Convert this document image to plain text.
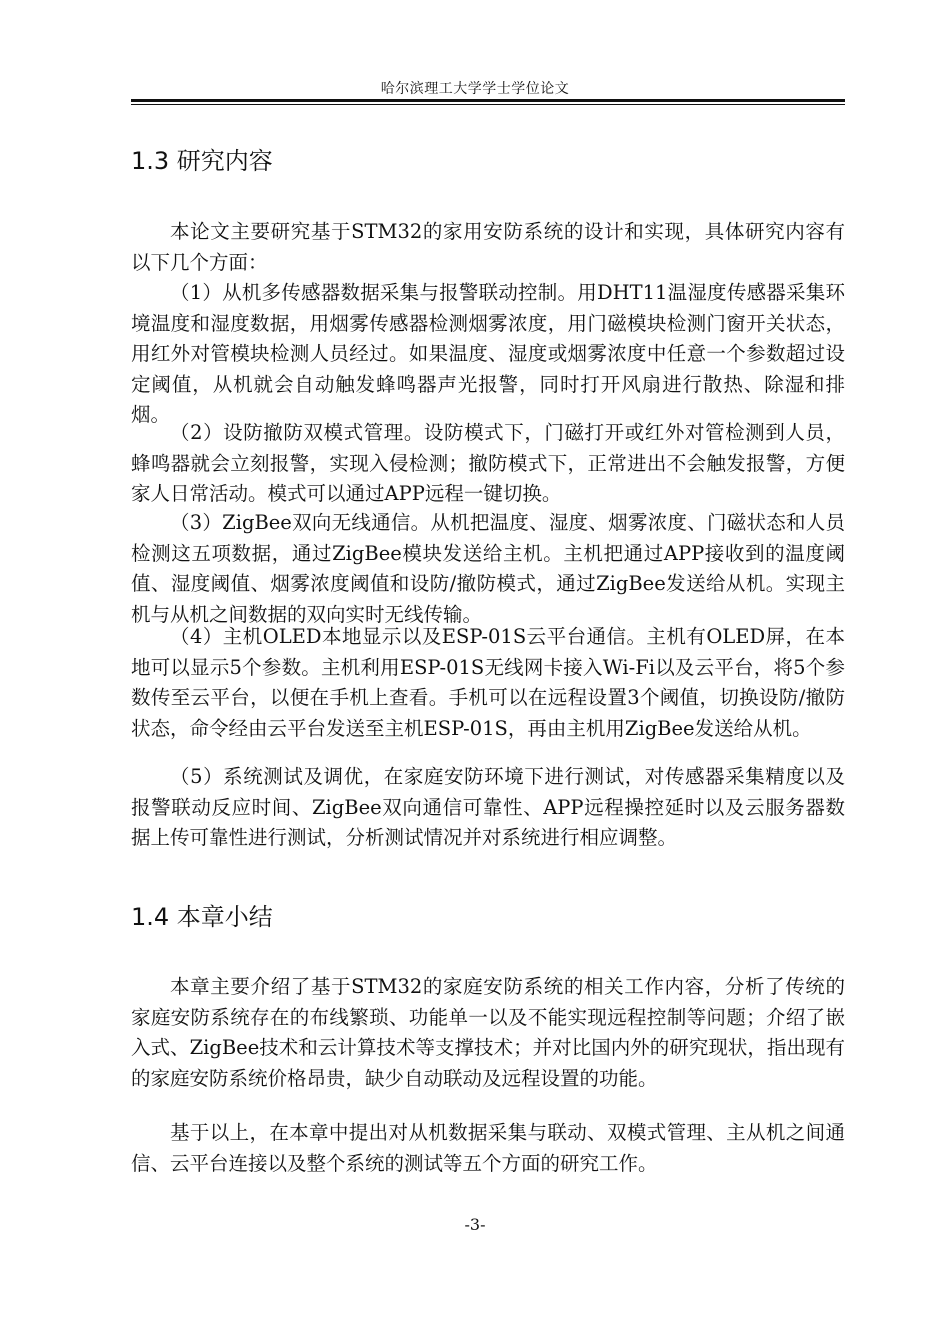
哈尔滨理工大学学士学位论文
1.3 研究内容

本论文主要研究基于STM32的家用安防系统的设计和实现，具体研究内容有以下几个方面：

（1）从机多传感器数据采集与报警联动控制。用DHT11温湿度传感器采集环境温度和湿度数据，用烟雾传感器检测烟雾浓度，用门磁模块检测门窗开关状态，用红外对管模块检测人员经过。如果温度、湿度或烟雾浓度中任意一个参数超过设定阈值，从机就会自动触发蜂鸣器声光报警，同时打开风扇进行散热、除湿和排烟。

（2）设防撤防双模式管理。设防模式下，门磁打开或红外对管检测到人员，蜂鸣器就会立刻报警，实现入侵检测；撤防模式下，正常进出不会触发报警，方便家人日常活动。模式可以通过APP远程一键切换。

（3）ZigBee双向无线通信。从机把温度、湿度、烟雾浓度、门磁状态和人员检测这五项数据，通过ZigBee模块发送给主机。主机把通过APP接收到的温度阈值、湿度阈值、烟雾浓度阈值和设防/撤防模式，通过ZigBee发送给从机。实现主机与从机之间数据的双向实时无线传输。

（4）主机OLED本地显示以及ESP-01S云平台通信。主机有OLED屏，在本地可以显示5个参数。主机利用ESP-01S无线网卡接入Wi-Fi以及云平台，将5个参数传至云平台，以便在手机上查看。手机可以在远程设置3个阈值，切换设防/撤防状态，命令经由云平台发送至主机ESP-01S，再由主机用ZigBee发送给从机。

（5）系统测试及调优，在家庭安防环境下进行测试，对传感器采集精度以及报警联动反应时间、ZigBee双向通信可靠性、APP远程操控延时以及云服务器数据上传可靠性进行测试，分析测试情况并对系统进行相应调整。

1.4 本章小结

本章主要介绍了基于STM32的家庭安防系统的相关工作内容，分析了传统的家庭安防系统存在的布线繁琐、功能单一以及不能实现远程控制等问题；介绍了嵌入式、ZigBee技术和云计算技术等支撑技术；并对比国内外的研究现状，指出现有的家庭安防系统价格昂贵，缺少自动联动及远程设置的功能。

基于以上，在本章中提出对从机数据采集与联动、双模式管理、主从机之间通信、云平台连接以及整个系统的测试等五个方面的研究工作。

-3-
